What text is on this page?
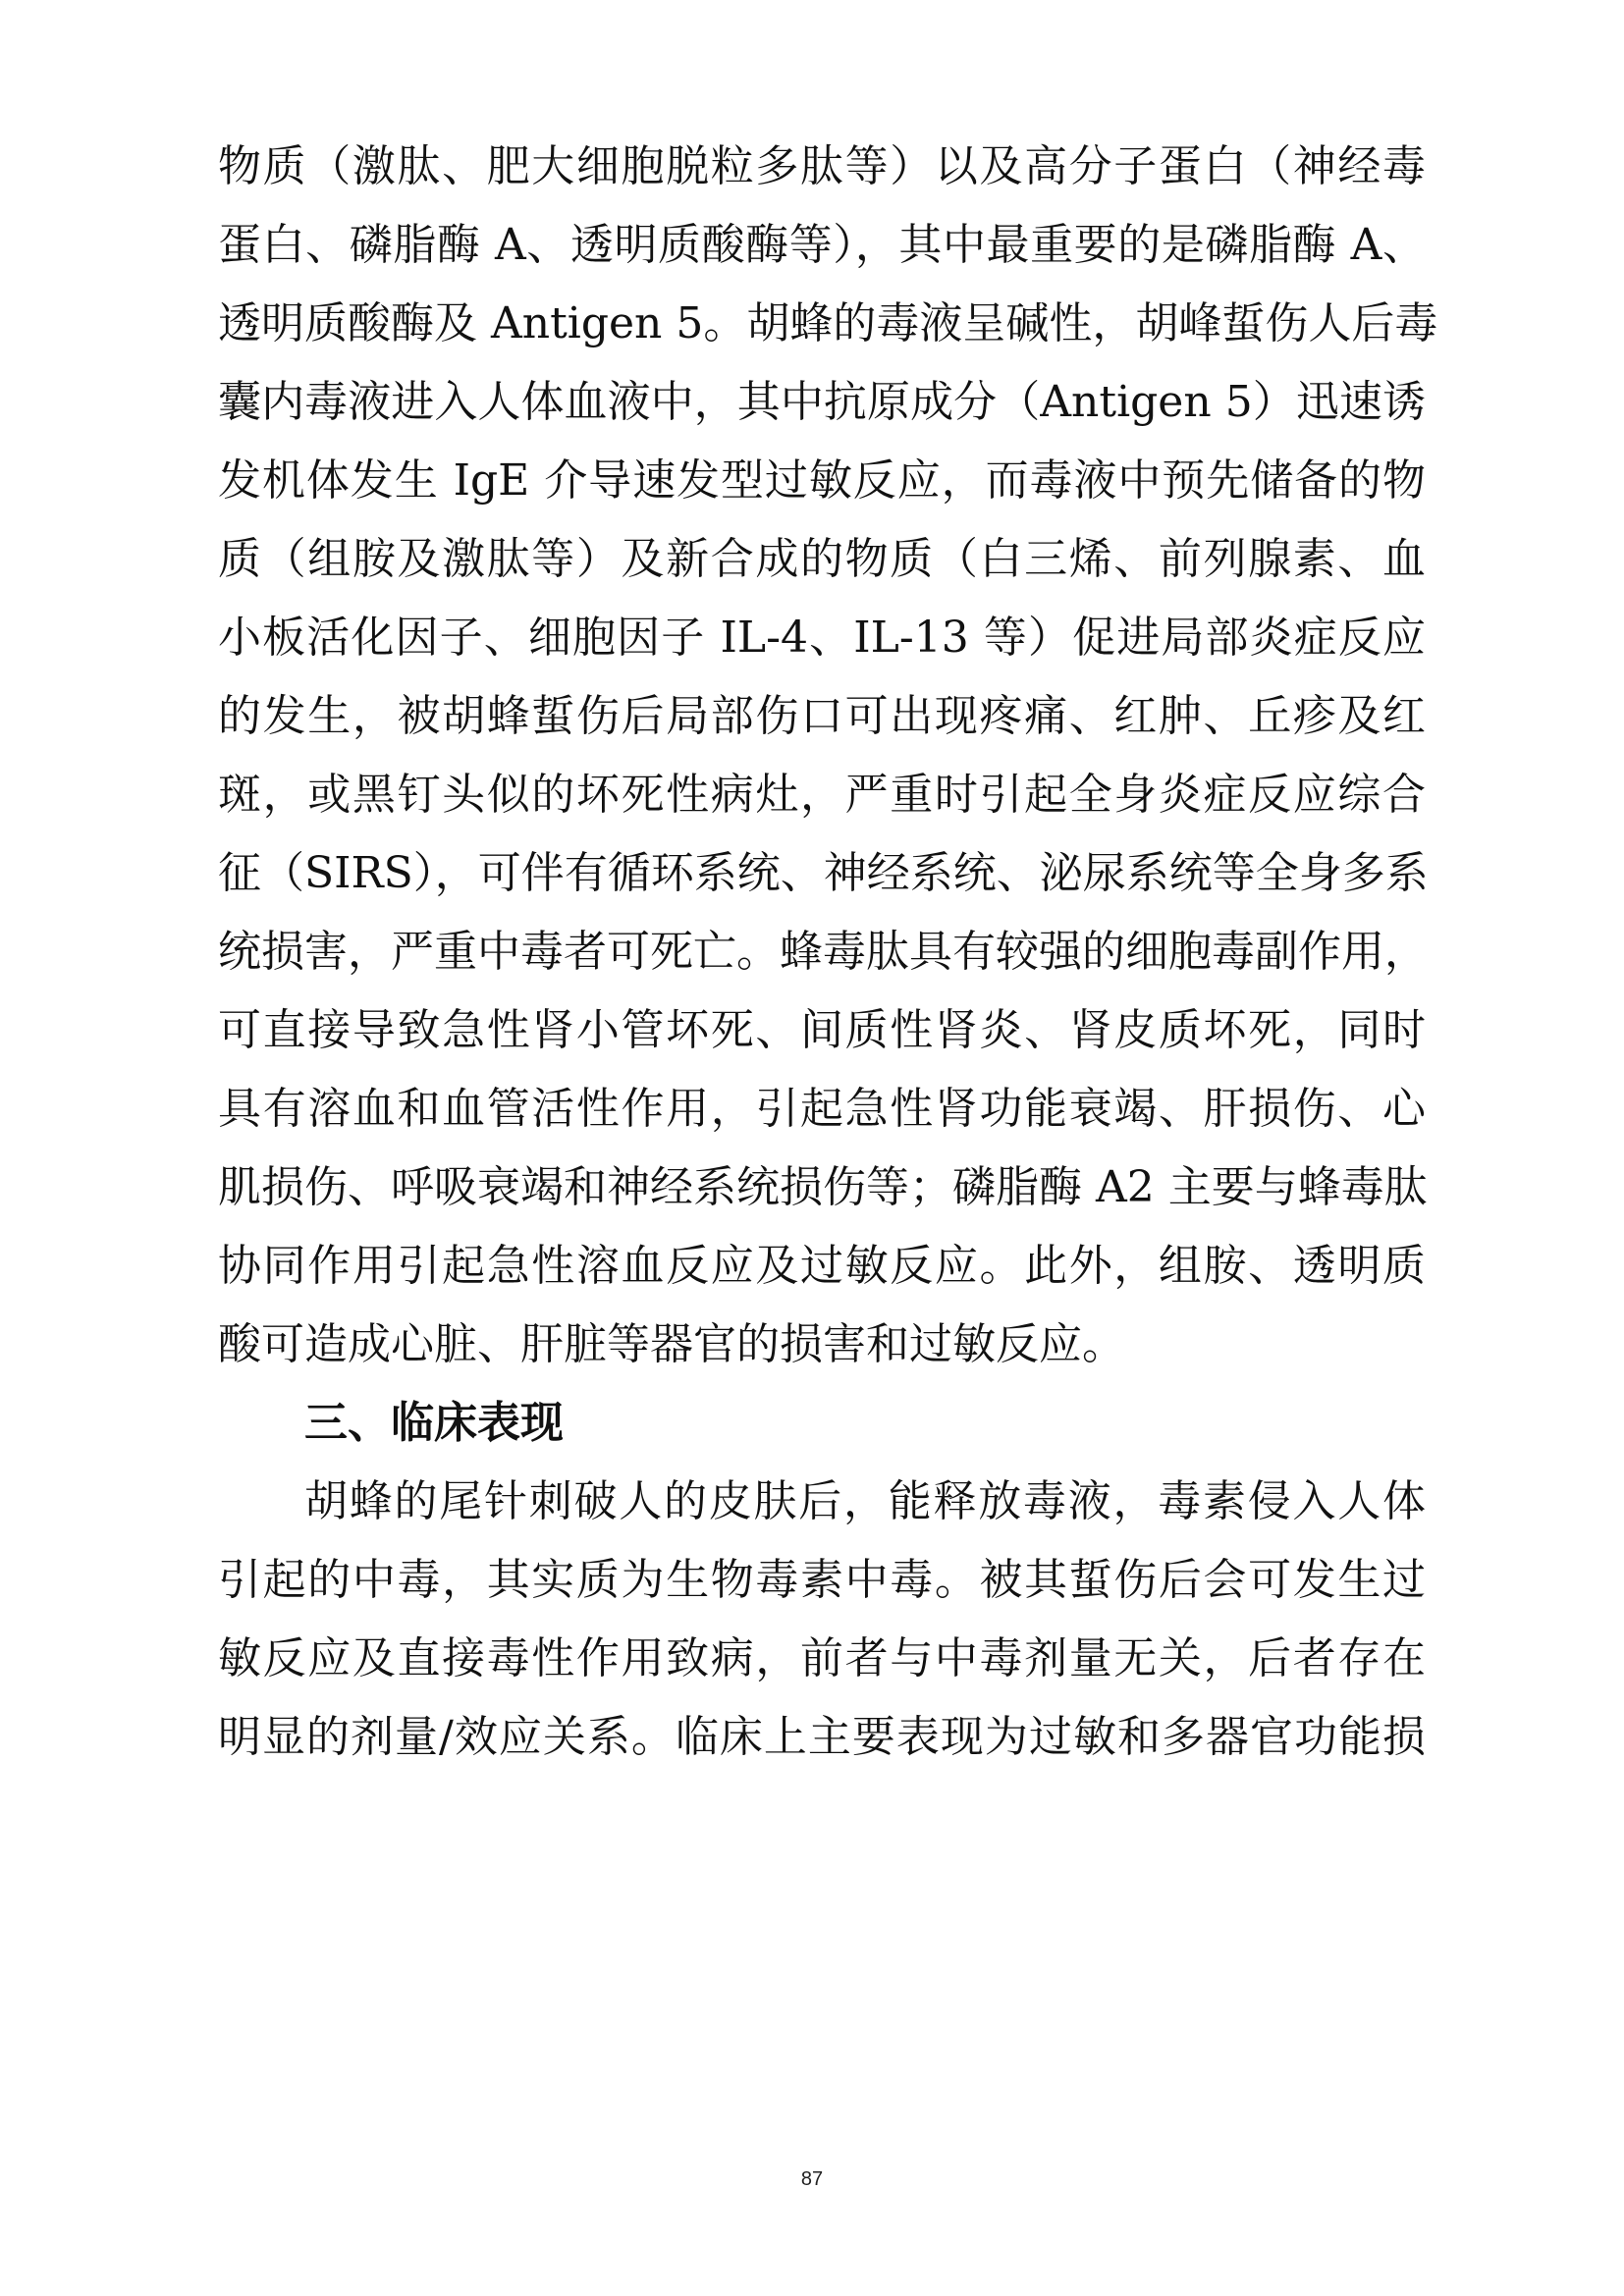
物质（激肽、肥大细胞脱粒多肽等）以及高分子蛋白（神经毒
蛋白、磷脂酶 A、透明质酸酶等），其中最重要的是磷脂酶 A、
透明质酸酶及 Antigen 5。胡蜂的毒液呈碱性，胡峰蜇伤人后毒
囊内毒液进入人体血液中，其中抗原成分（Antigen 5）迅速诱
发机体发生 IgE 介导速发型过敏反应，而毒液中预先储备的物
质（组胺及激肽等）及新合成的物质（白三烯、前列腺素、血
小板活化因子、细胞因子 IL-4、IL-13 等）促进局部炎症反应
的发生，被胡蜂蜇伤后局部伤口可出现疼痛、红肿、丘疹及红
斑，或黑钉头似的坏死性病灶，严重时引起全身炎症反应综合
征（SIRS），可伴有循环系统、神经系统、泌尿系统等全身多系
统损害，严重中毒者可死亡。蜂毒肽具有较强的细胞毒副作用，
可直接导致急性肾小管坏死、间质性肾炎、肾皮质坏死，同时
具有溶血和血管活性作用，引起急性肾功能衰竭、肝损伤、心
肌损伤、呼吸衰竭和神经系统损伤等；磷脂酶 A2 主要与蜂毒肽
协同作用引起急性溶血反应及过敏反应。此外，组胺、透明质
酸可造成心脏、肝脏等器官的损害和过敏反应。
三、临床表现
胡蜂的尾针刺破人的皮肤后，能释放毒液，毒素侵入人体
引起的中毒，其实质为生物毒素中毒。被其蜇伤后会可发生过
敏反应及直接毒性作用致病，前者与中毒剂量无关，后者存在
明显的剂量/效应关系。临床上主要表现为过敏和多器官功能损
87
